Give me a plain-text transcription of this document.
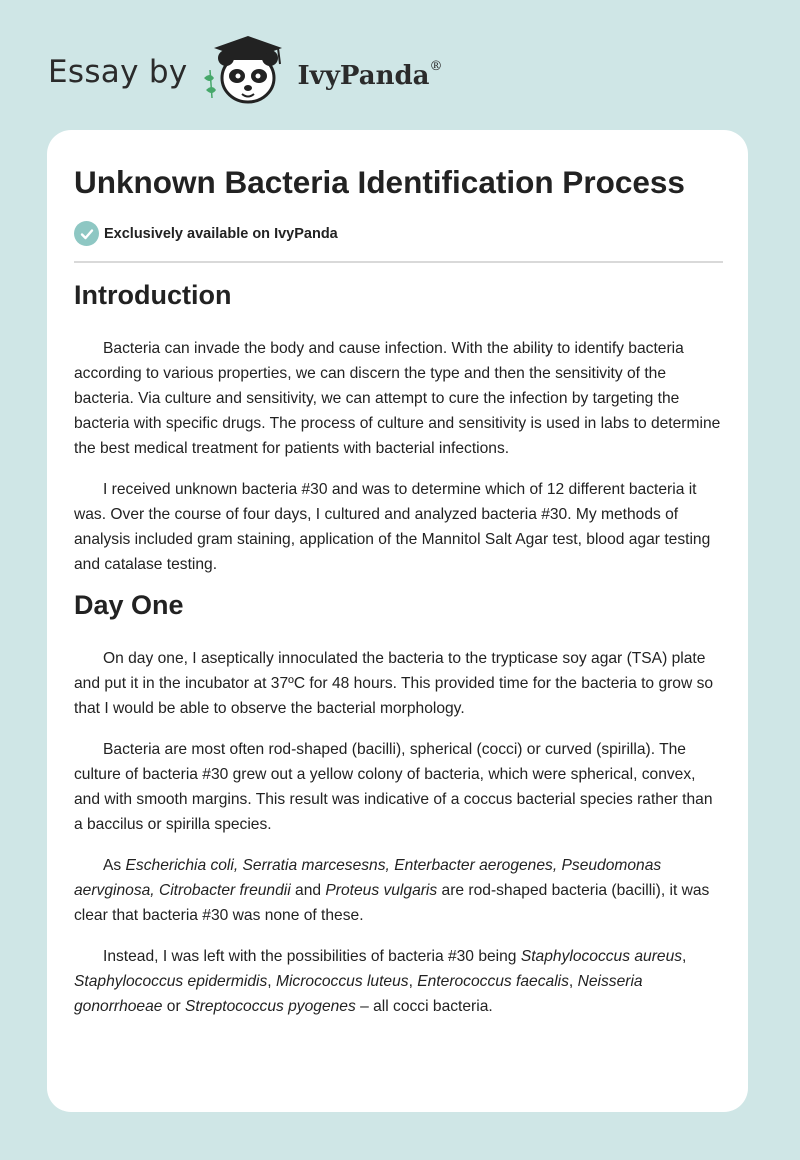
Essay by	IvyPanda®
Unknown Bacteria Identification Process
Exclusively available on IvyPanda
Introduction

Bacteria can invade the body and cause infection. With the ability to identify bacteria according to various properties, we can discern the type and then the sensitivity of the bacteria. Via culture and sensitivity, we can attempt to cure the infection by targeting the bacteria with specific drugs. The process of culture and sensitivity is used in labs to determine the best medical treatment for patients with bacterial infections.

I received unknown bacteria #30 and was to determine which of 12 different bacteria it was. Over the course of four days, I cultured and analyzed bacteria #30. My methods of analysis included gram staining, application of the Mannitol Salt Agar test, blood agar testing and catalase testing.

Day One

On day one, I aseptically innoculated the bacteria to the trypticase soy agar (TSA) plate and put it in the incubator at 37ºC for 48 hours. This provided time for the bacteria to grow so that I would be able to observe the bacterial morphology.

Bacteria are most often rod-shaped (bacilli), spherical (cocci) or curved (spirilla). The culture of bacteria #30 grew out a yellow colony of bacteria, which were spherical, convex, and with smooth margins. This result was indicative of a coccus bacterial species rather than a baccilus or spirilla species.

As Escherichia coli, Serratia marcesesns, Enterbacter aerogenes, Pseudomonas aervginosa, Citrobacter freundii and Proteus vulgaris are rod-shaped bacteria (bacilli), it was clear that bacteria #30 was none of these.

Instead, I was left with the possibilities of bacteria #30 being Staphylococcus aureus, Staphylococcus epidermidis, Micrococcus luteus, Enterococcus faecalis, Neisseria gonorrhoeae or Streptococcus pyogenes – all cocci bacteria.
